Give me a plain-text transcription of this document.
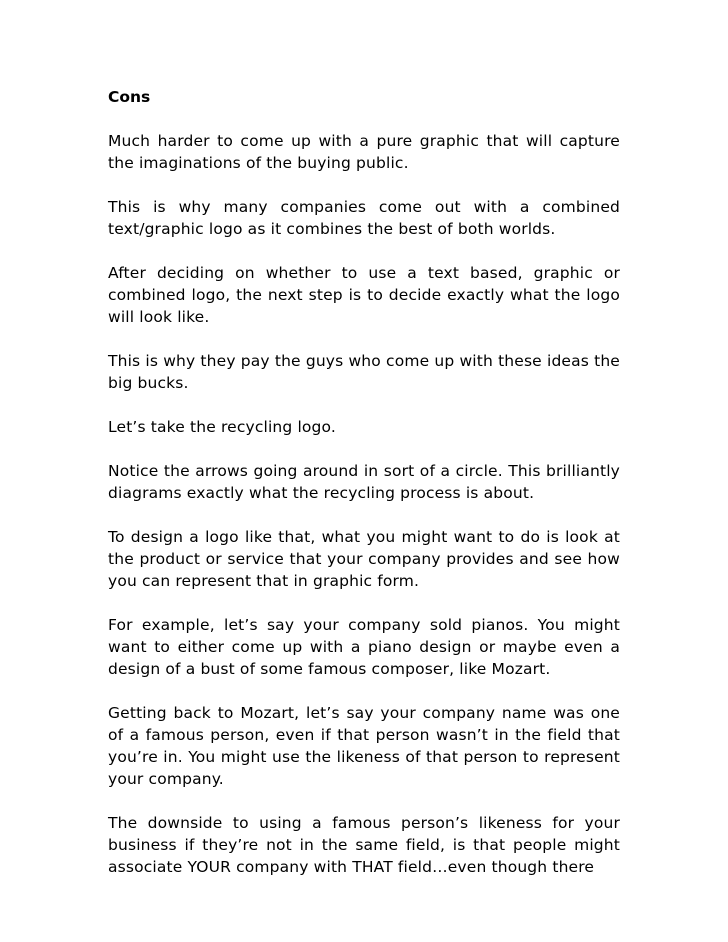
Cons

Much harder to come up with a pure graphic that will capture the imaginations of the buying public.

This is why many companies come out with a combined text/graphic logo as it combines the best of both worlds.

After deciding on whether to use a text based, graphic or combined logo, the next step is to decide exactly what the logo will look like.

This is why they pay the guys who come up with these ideas the big bucks.

Let’s take the recycling logo.

Notice the arrows going around in sort of a circle. This brilliantly diagrams exactly what the recycling process is about.

To design a logo like that, what you might want to do is look at the product or service that your company provides and see how you can represent that in graphic form.

For example, let’s say your company sold pianos. You might want to either come up with a piano design or maybe even a design of a bust of some famous composer, like Mozart.

Getting back to Mozart, let’s say your company name was one of a famous person, even if that person wasn’t in the field that you’re in. You might use the likeness of that person to represent your company.

The downside to using a famous person’s likeness for your business if they’re not in the same field, is that people might associate YOUR company with THAT field…even though there
